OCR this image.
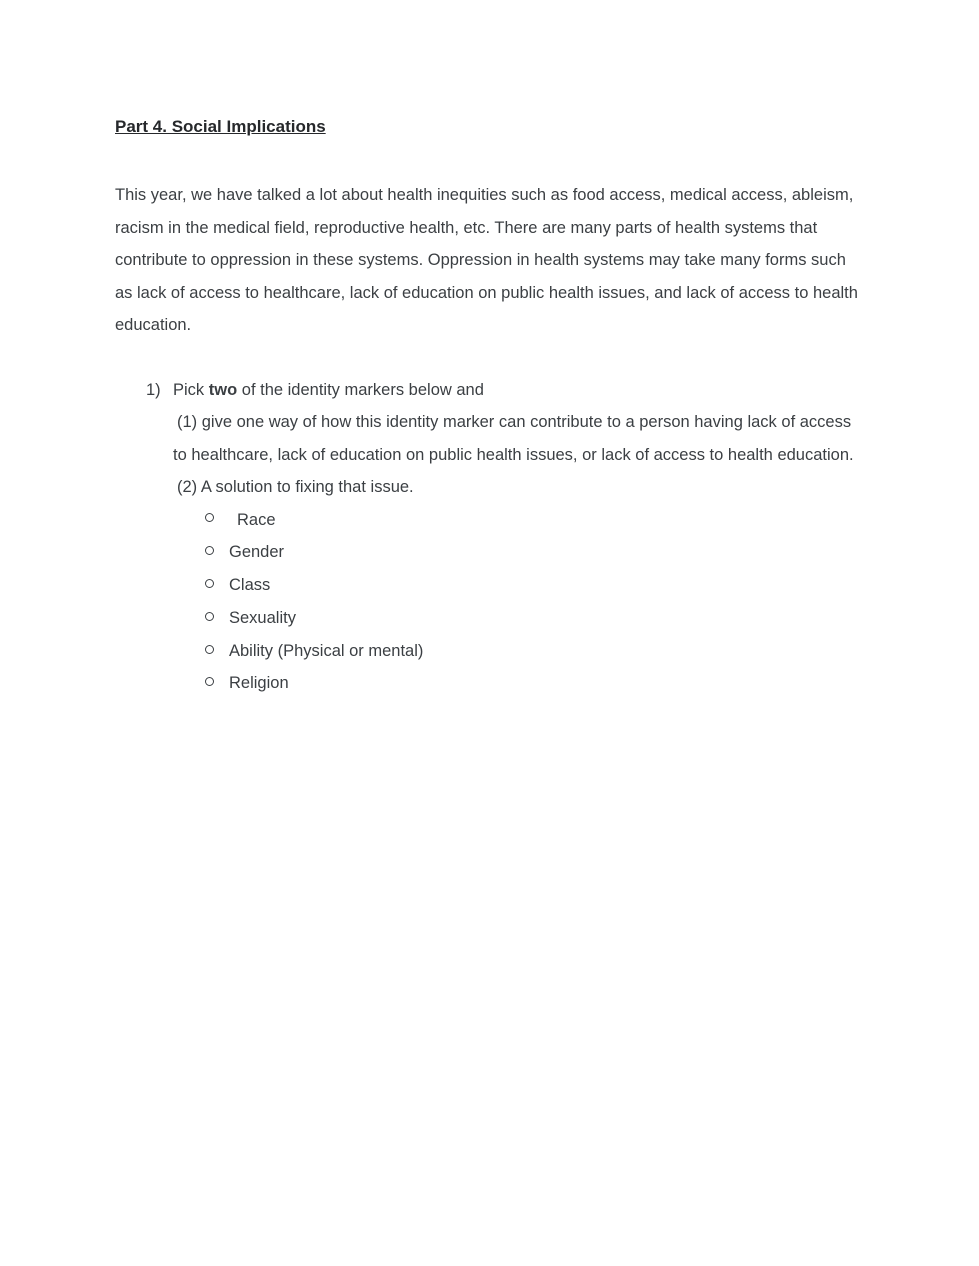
Part 4. Social Implications

This year, we have talked a lot about health inequities such as food access, medical access, ableism, racism in the medical field, reproductive health, etc. There are many parts of health systems that contribute to oppression in these systems. Oppression in health systems may take many forms such as lack of access to healthcare, lack of education on public health issues, and lack of access to health education.

1) Pick two of the identity markers below and
(1) give one way of how this identity marker can contribute to a person having lack of access to healthcare, lack of education on public health issues, or lack of access to health education.
(2) A solution to fixing that issue.
Race
Gender
Class
Sexuality
Ability (Physical or mental)
Religion
